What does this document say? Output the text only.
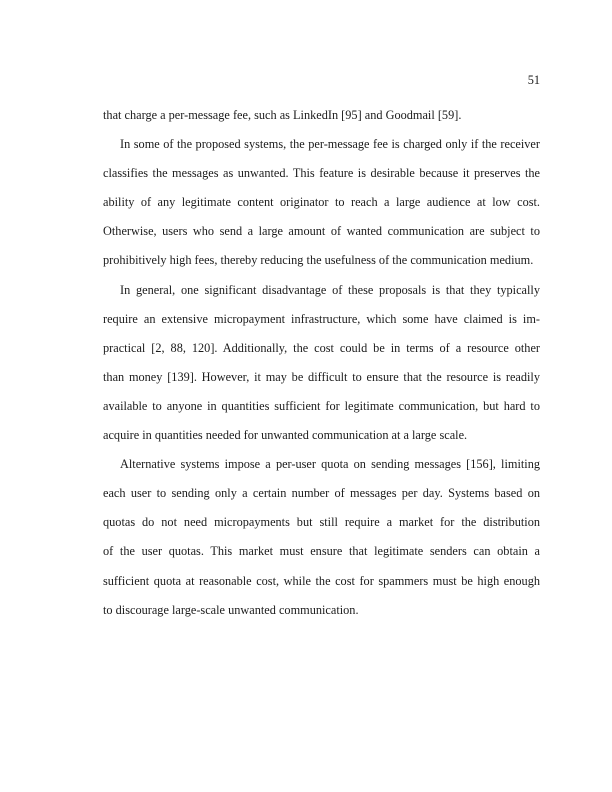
51
that charge a per-message fee, such as LinkedIn [95] and Goodmail [59].
In some of the proposed systems, the per-message fee is charged only if the receiver
classifies the messages as unwanted. This feature is desirable because it preserves the
ability of any legitimate content originator to reach a large audience at low cost.
Otherwise, users who send a large amount of wanted communication are subject to
prohibitively high fees, thereby reducing the usefulness of the communication medium.
In general, one significant disadvantage of these proposals is that they typically
require an extensive micropayment infrastructure, which some have claimed is im-
practical [2, 88, 120]. Additionally, the cost could be in terms of a resource other
than money [139]. However, it may be difficult to ensure that the resource is readily
available to anyone in quantities sufficient for legitimate communication, but hard to
acquire in quantities needed for unwanted communication at a large scale.
Alternative systems impose a per-user quota on sending messages [156], limiting
each user to sending only a certain number of messages per day. Systems based on
quotas do not need micropayments but still require a market for the distribution
of the user quotas. This market must ensure that legitimate senders can obtain a
sufficient quota at reasonable cost, while the cost for spammers must be high enough
to discourage large-scale unwanted communication.
